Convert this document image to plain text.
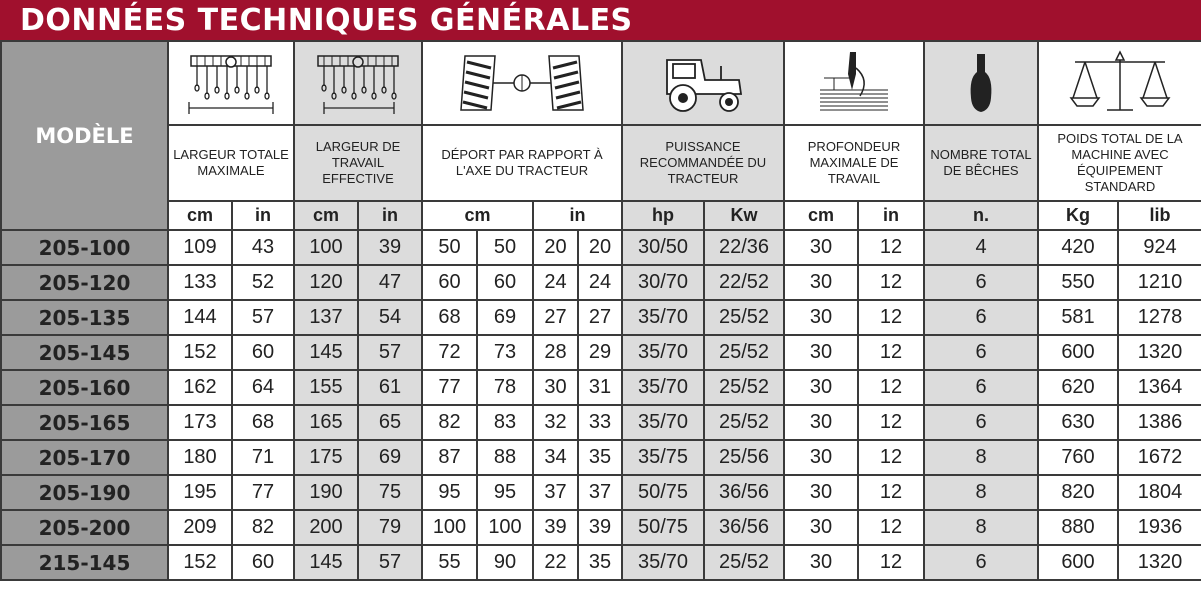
DONNÉES TECHNIQUES GÉNÉRALES
MODÈLE	

	LARGEUR TOTALE MAXIMALE		LARGEUR DE TRAVAIL EFFECTIVE		DÉPORT PAR RAPPORT À L'AXE DU TRACTEUR				PUISSANCE RECOMMANDÉE DU TRACTEUR		PROFONDEUR MAXIMALE DE TRAVAIL		NOMBRE TOTAL DE BÊCHES	POIDS TOTAL DE LA MACHINE AVEC ÉQUIPEMENT STANDARD	
	cm	in	cm	in	cm		in		hp	Kw	cm	in	n.	Kg	lib
205-100	109	43	100	39	50	50	20	20	30/50	22/36	30	12	4	420	924
205-120	133	52	120	47	60	60	24	24	30/70	22/52	30	12	6	550	1210
205-135	144	57	137	54	68	69	27	27	35/70	25/52	30	12	6	581	1278
205-145	152	60	145	57	72	73	28	29	35/70	25/52	30	12	6	600	1320
205-160	162	64	155	61	77	78	30	31	35/70	25/52	30	12	6	620	1364
205-165	173	68	165	65	82	83	32	33	35/70	25/52	30	12	6	630	1386
205-170	180	71	175	69	87	88	34	35	35/75	25/56	30	12	8	760	1672
205-190	195	77	190	75	95	95	37	37	50/75	36/56	30	12	8	820	1804
205-200	209	82	200	79	100	100	39	39	50/75	36/56	30	12	8	880	1936
215-145	152	60	145	57	55	90	22	35	35/70	25/52	30	12	6	600	1320
